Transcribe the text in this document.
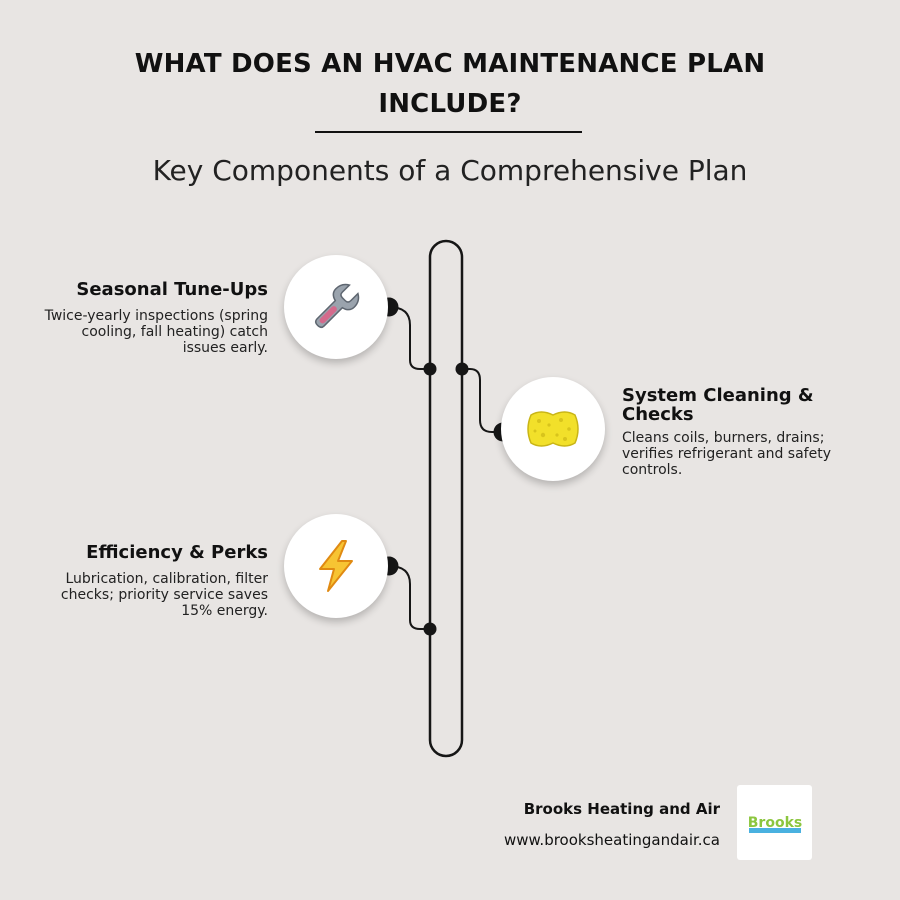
WHAT DOES AN HVAC MAINTENANCE PLAN INCLUDE?
Key Components of a Comprehensive Plan
Seasonal Tune-Ups
Twice-yearly inspections (spring cooling, fall heating) catch issues early.
System Cleaning & Checks
Cleans coils, burners, drains; verifies refrigerant and safety controls.
Efficiency & Perks
Lubrication, calibration, filter checks; priority service saves 15% energy.
Brooks Heating and Air
www.brooksheatingandair.ca
Brooks
